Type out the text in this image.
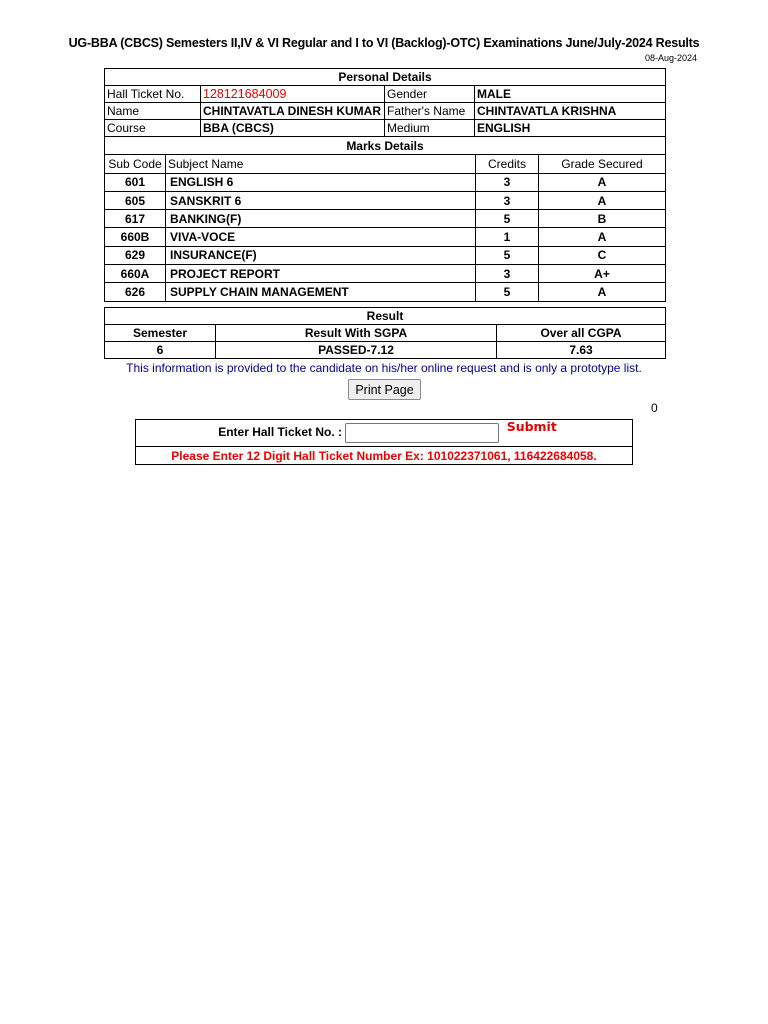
UG-BBA (CBCS) Semesters II,IV & VI Regular and I to VI (Backlog)-OTC) Examinations June/July-2024 Results
08-Aug-2024
Personal Details			
Hall Ticket No.	128121684009	Gender	MALE
Name	CHINTAVATLA DINESH KUMAR	Father's Name	CHINTAVATLA KRISHNA
Course	BBA (CBCS)	Medium	ENGLISH
Marks Details			
Sub Code	Subject Name	Credits	Grade Secured
601	ENGLISH 6	3	A
605	SANSKRIT 6	3	A
617	BANKING(F)	5	B
660B	VIVA-VOCE	1	A
629	INSURANCE(F)	5	C
660A	PROJECT REPORT	3	A+
626	SUPPLY CHAIN MANAGEMENT	5	A
Result		
Semester	Result With SGPA	Over all CGPA
6	PASSED-7.12	7.63
This information is provided to the candidate on his/her online request and is only a prototype list.
Print Page
0
Enter Hall Ticket No. :	Submit
Please Enter 12 Digit Hall Ticket Number Ex: 101022371061, 116422684058.
